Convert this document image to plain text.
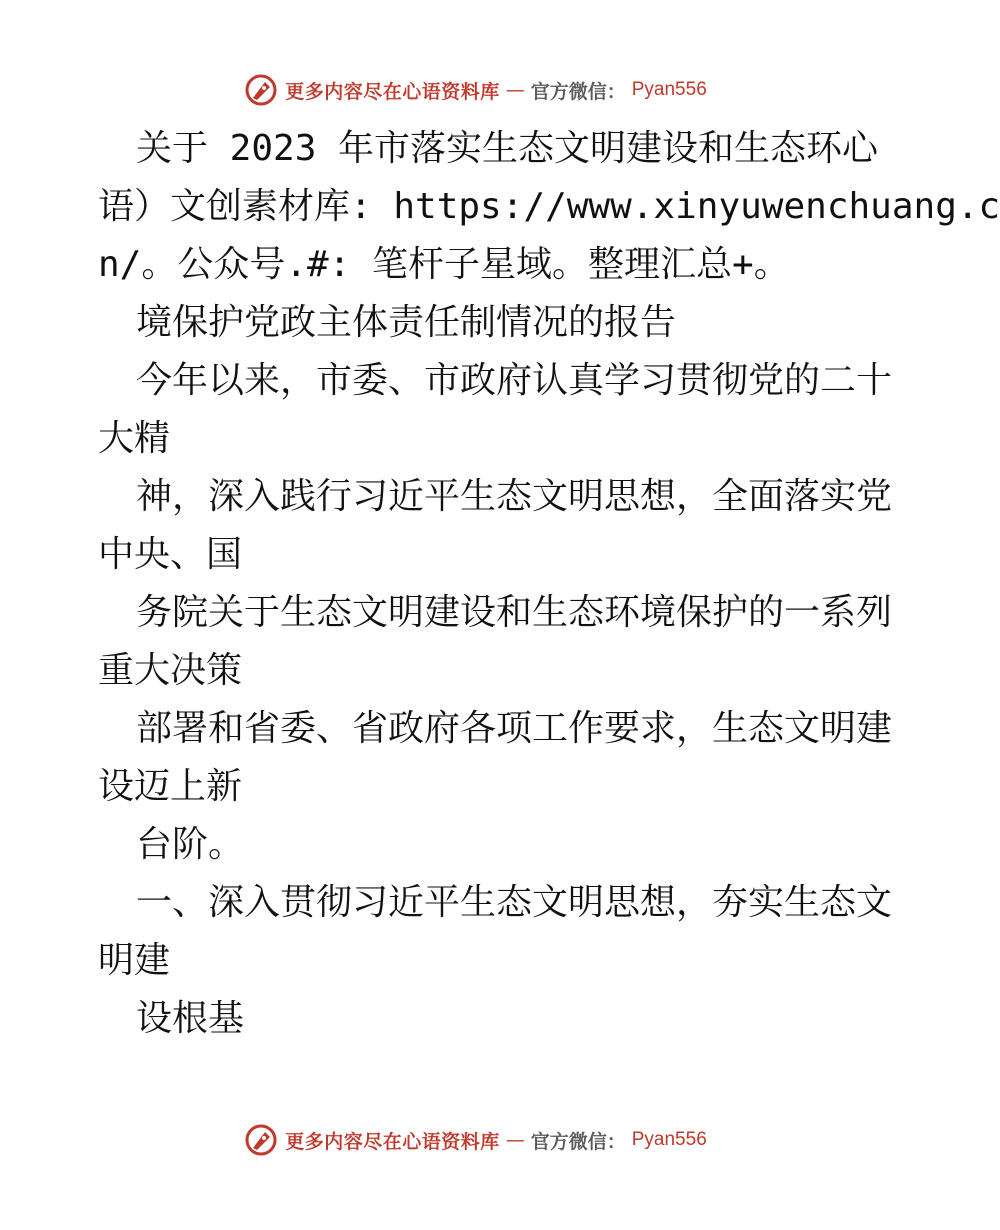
更多内容尽在心语资料库 — 官方微信： Pyan556
关于 2023 年市落实生态文明建设和生态环心
语）文创素材库: https://www.xinyuwenchuang.c
n/。公众号.#: 笔杆子星域。整理汇总+。
境保护党政主体责任制情况的报告
今年以来，市委、市政府认真学习贯彻党的二十
大精
神，深入践行习近平生态文明思想，全面落实党
中央、国
务院关于生态文明建设和生态环境保护的一系列
重大决策
部署和省委、省政府各项工作要求，生态文明建
设迈上新
台阶。
一、深入贯彻习近平生态文明思想，夯实生态文
明建
设根基
更多内容尽在心语资料库 — 官方微信： Pyan556
